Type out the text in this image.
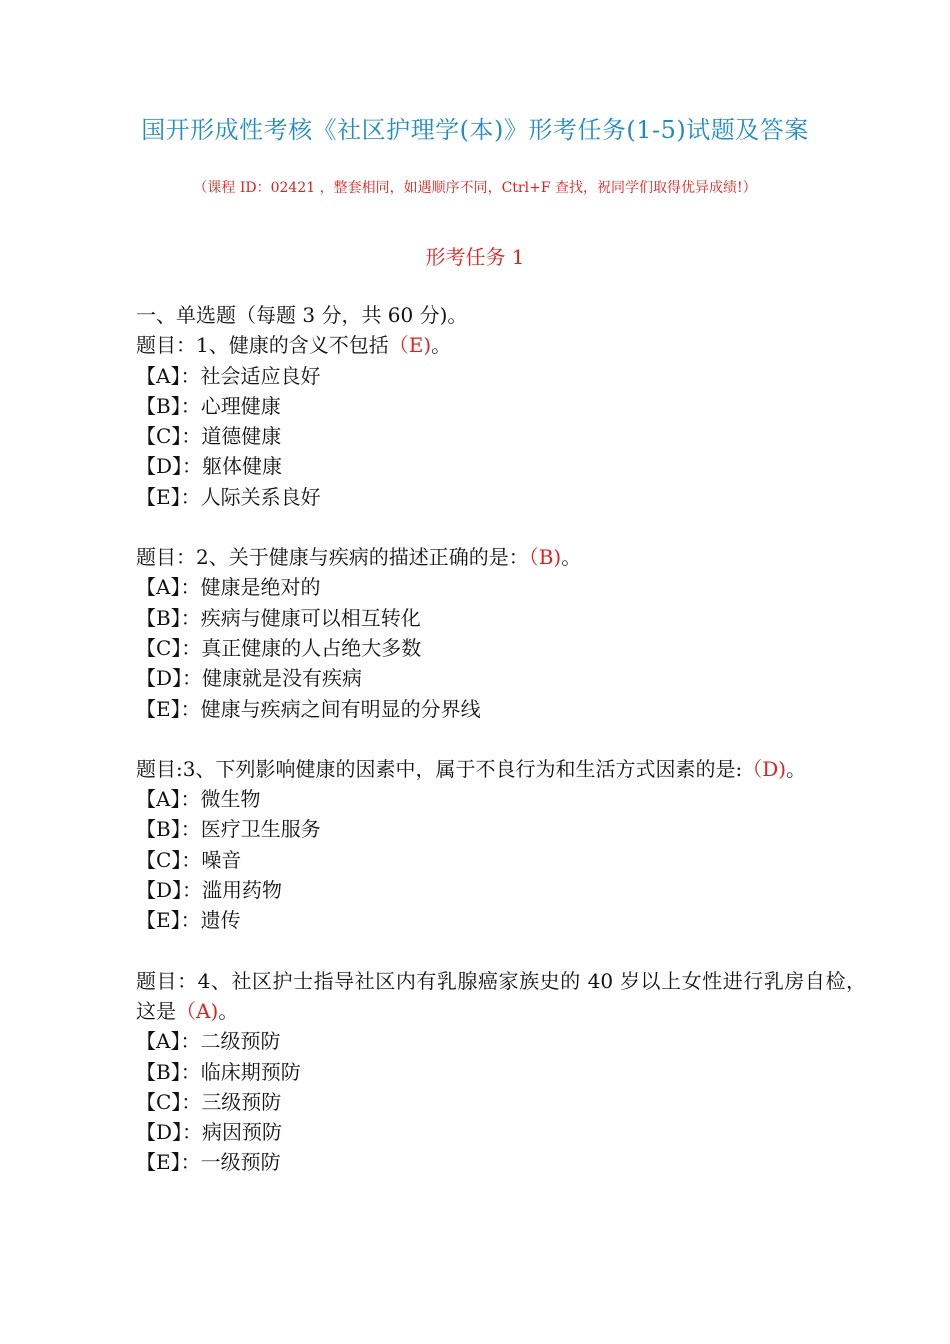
国开形成性考核《社区护理学(本)》形考任务(1-5)试题及答案
（课程 ID：02421 ，整套相同，如遇顺序不同，Ctrl+F 查找，祝同学们取得优异成绩!）
形考任务 1
一、单选题（每题 3 分，共 60 分)。
题目：1、健康的含义不包括（E)。
【A】：社会适应良好
【B】：心理健康
【C】：道德健康
【D】：躯体健康
【E】：人际关系良好
题目：2、关于健康与疾病的描述正确的是：（B)。
【A】：健康是绝对的
【B】：疾病与健康可以相互转化
【C】：真正健康的人占绝大多数
【D】：健康就是没有疾病
【E】：健康与疾病之间有明显的分界线
题目:3、下列影响健康的因素中，属于不良行为和生活方式因素的是:（D)。
【A】：微生物
【B】：医疗卫生服务
【C】：噪音
【D】：滥用药物
【E】：遗传
题目：4、社区护士指导社区内有乳腺癌家族史的 40 岁以上女性进行乳房自检，这是（A)。
【A】：二级预防
【B】：临床期预防
【C】：三级预防
【D】：病因预防
【E】：一级预防
